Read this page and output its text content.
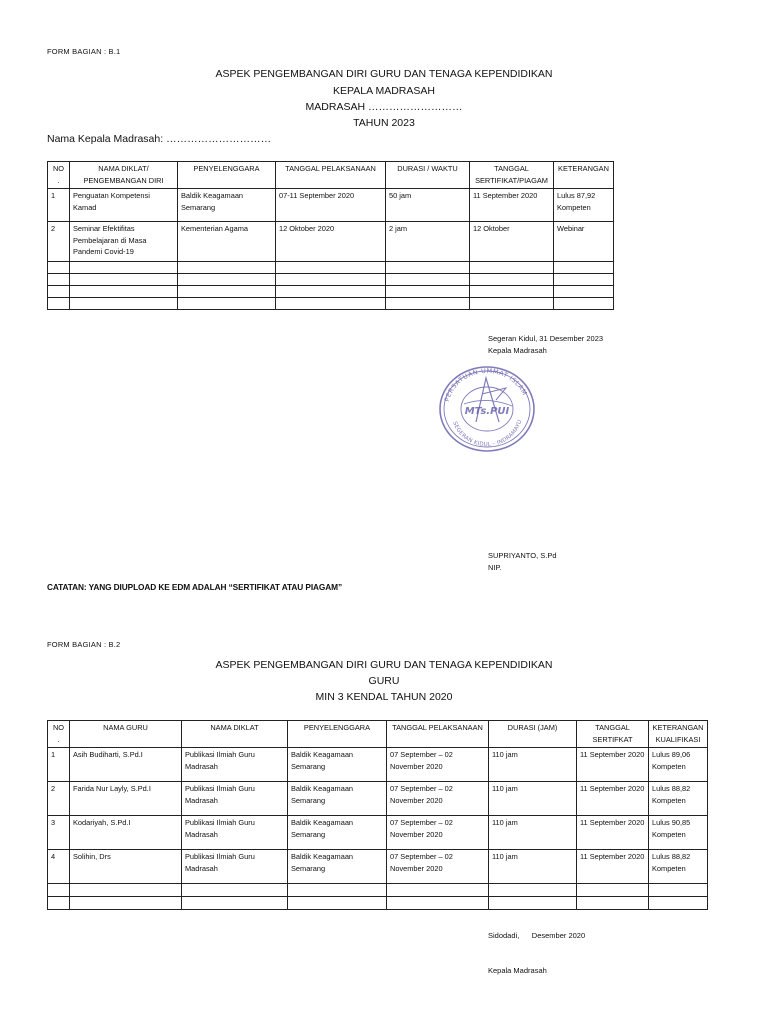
FORM BAGIAN : B.1
ASPEK PENGEMBANGAN DIRI GURU DAN TENAGA KEPENDIDIKAN
KEPALA MADRASAH
MADRASAH ………………………
TAHUN 2023
Nama Kepala Madrasah: …………………………
NO .	NAMA DIKLAT/ PENGEMBANGAN DIRI	PENYELENGGARA	TANGGAL PELAKSANAAN	DURASI / WAKTU	TANGGAL SERTIFIKAT/PIAGAM	KETERANGAN
1	Penguatan Kompetensi Kamad	Baldik Keagamaan Semarang	07-11 September 2020	50 jam	11 September 2020	Lulus 87,92 Kompeten
2	Seminar Efektifitas Pembelajaran di Masa Pandemi Covid-19	Kementerian Agama	12 Oktober 2020	2 jam	12 Oktober	Webinar

Segeran Kidul, 31 Desember 2023
Kepala Madrasah
PERSATUAN UMMAT ISLAM
MTs.PUI
SEGERAN KIDUL - INDRAMAYU
SUPRIYANTO, S.Pd
NIP.
CATATAN: YANG DIUPLOAD KE EDM ADALAH “SERTIFIKAT ATAU PIAGAM”
FORM BAGIAN : B.2
ASPEK PENGEMBANGAN DIRI GURU DAN TENAGA KEPENDIDIKAN
GURU
MIN 3 KENDAL TAHUN 2020
NO .	NAMA GURU	NAMA DIKLAT	PENYELENGGARA	TANGGAL PELAKSANAAN	DURASI (JAM)	TANGGAL SERTIFKAT	KETERANGAN KUALIFIKASI
1	Asih Budiharti, S.Pd.I	Publikasi Ilmiah Guru Madrasah	Baldik Keagamaan Semarang	07 September – 02 November 2020	110 jam	11 September 2020	Lulus 89,06 Kompeten
2	Farida Nur Layly, S.Pd.I	Publikasi Ilmiah Guru Madrasah	Baldik Keagamaan Semarang	07 September – 02 November 2020	110 jam	11 September 2020	Lulus 88,82 Kompeten
3	Kodariyah, S.Pd.I	Publikasi Ilmiah Guru Madrasah	Baldik Keagamaan Semarang	07 September – 02 November 2020	110 jam	11 September 2020	Lulus 90,85 Kompeten
4	Solihin, Drs	Publikasi Ilmiah Guru Madrasah	Baldik Keagamaan Semarang	07 September – 02 November 2020	110 jam	11 September 2020	Lulus 88,82 Kompeten

Sidodadi,      Desember 2020

Kepala Madrasah
